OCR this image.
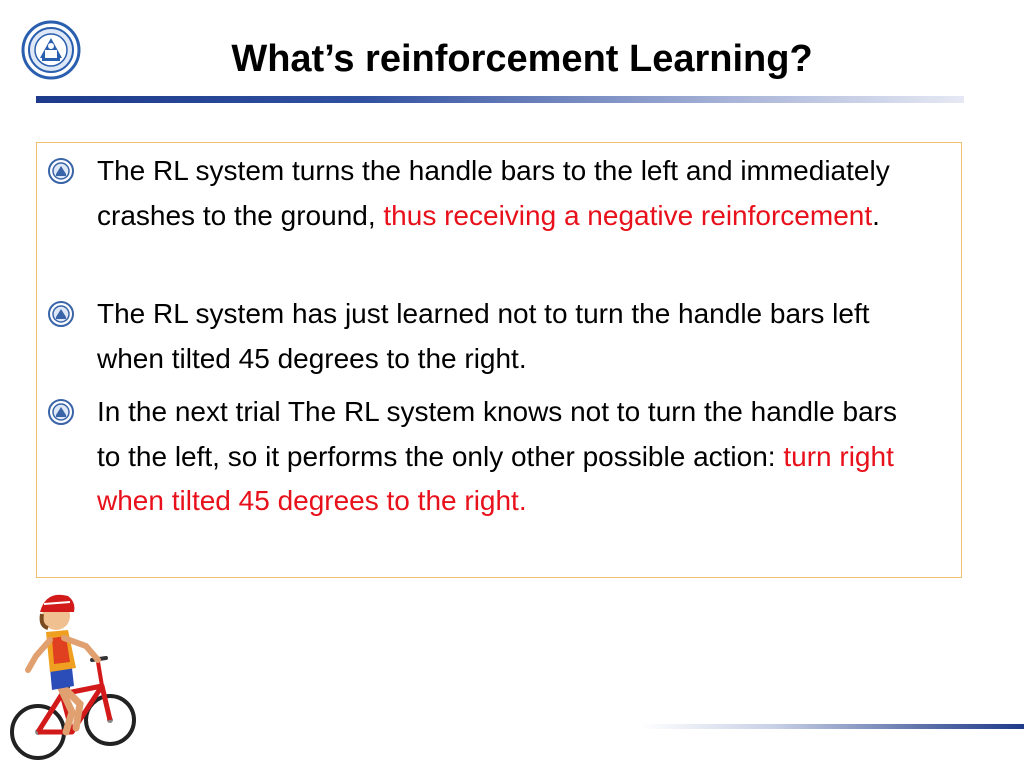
What’s reinforcement Learning?
The RL system turns the handle bars to the left and immediately crashes to the ground, thus receiving a negative reinforcement.
The RL system has just learned not to turn the handle bars left when tilted 45 degrees to the right.
In the next trial The RL system knows not to turn the handle bars to the left, so it performs the only other possible action: turn right when tilted 45 degrees to the right.
